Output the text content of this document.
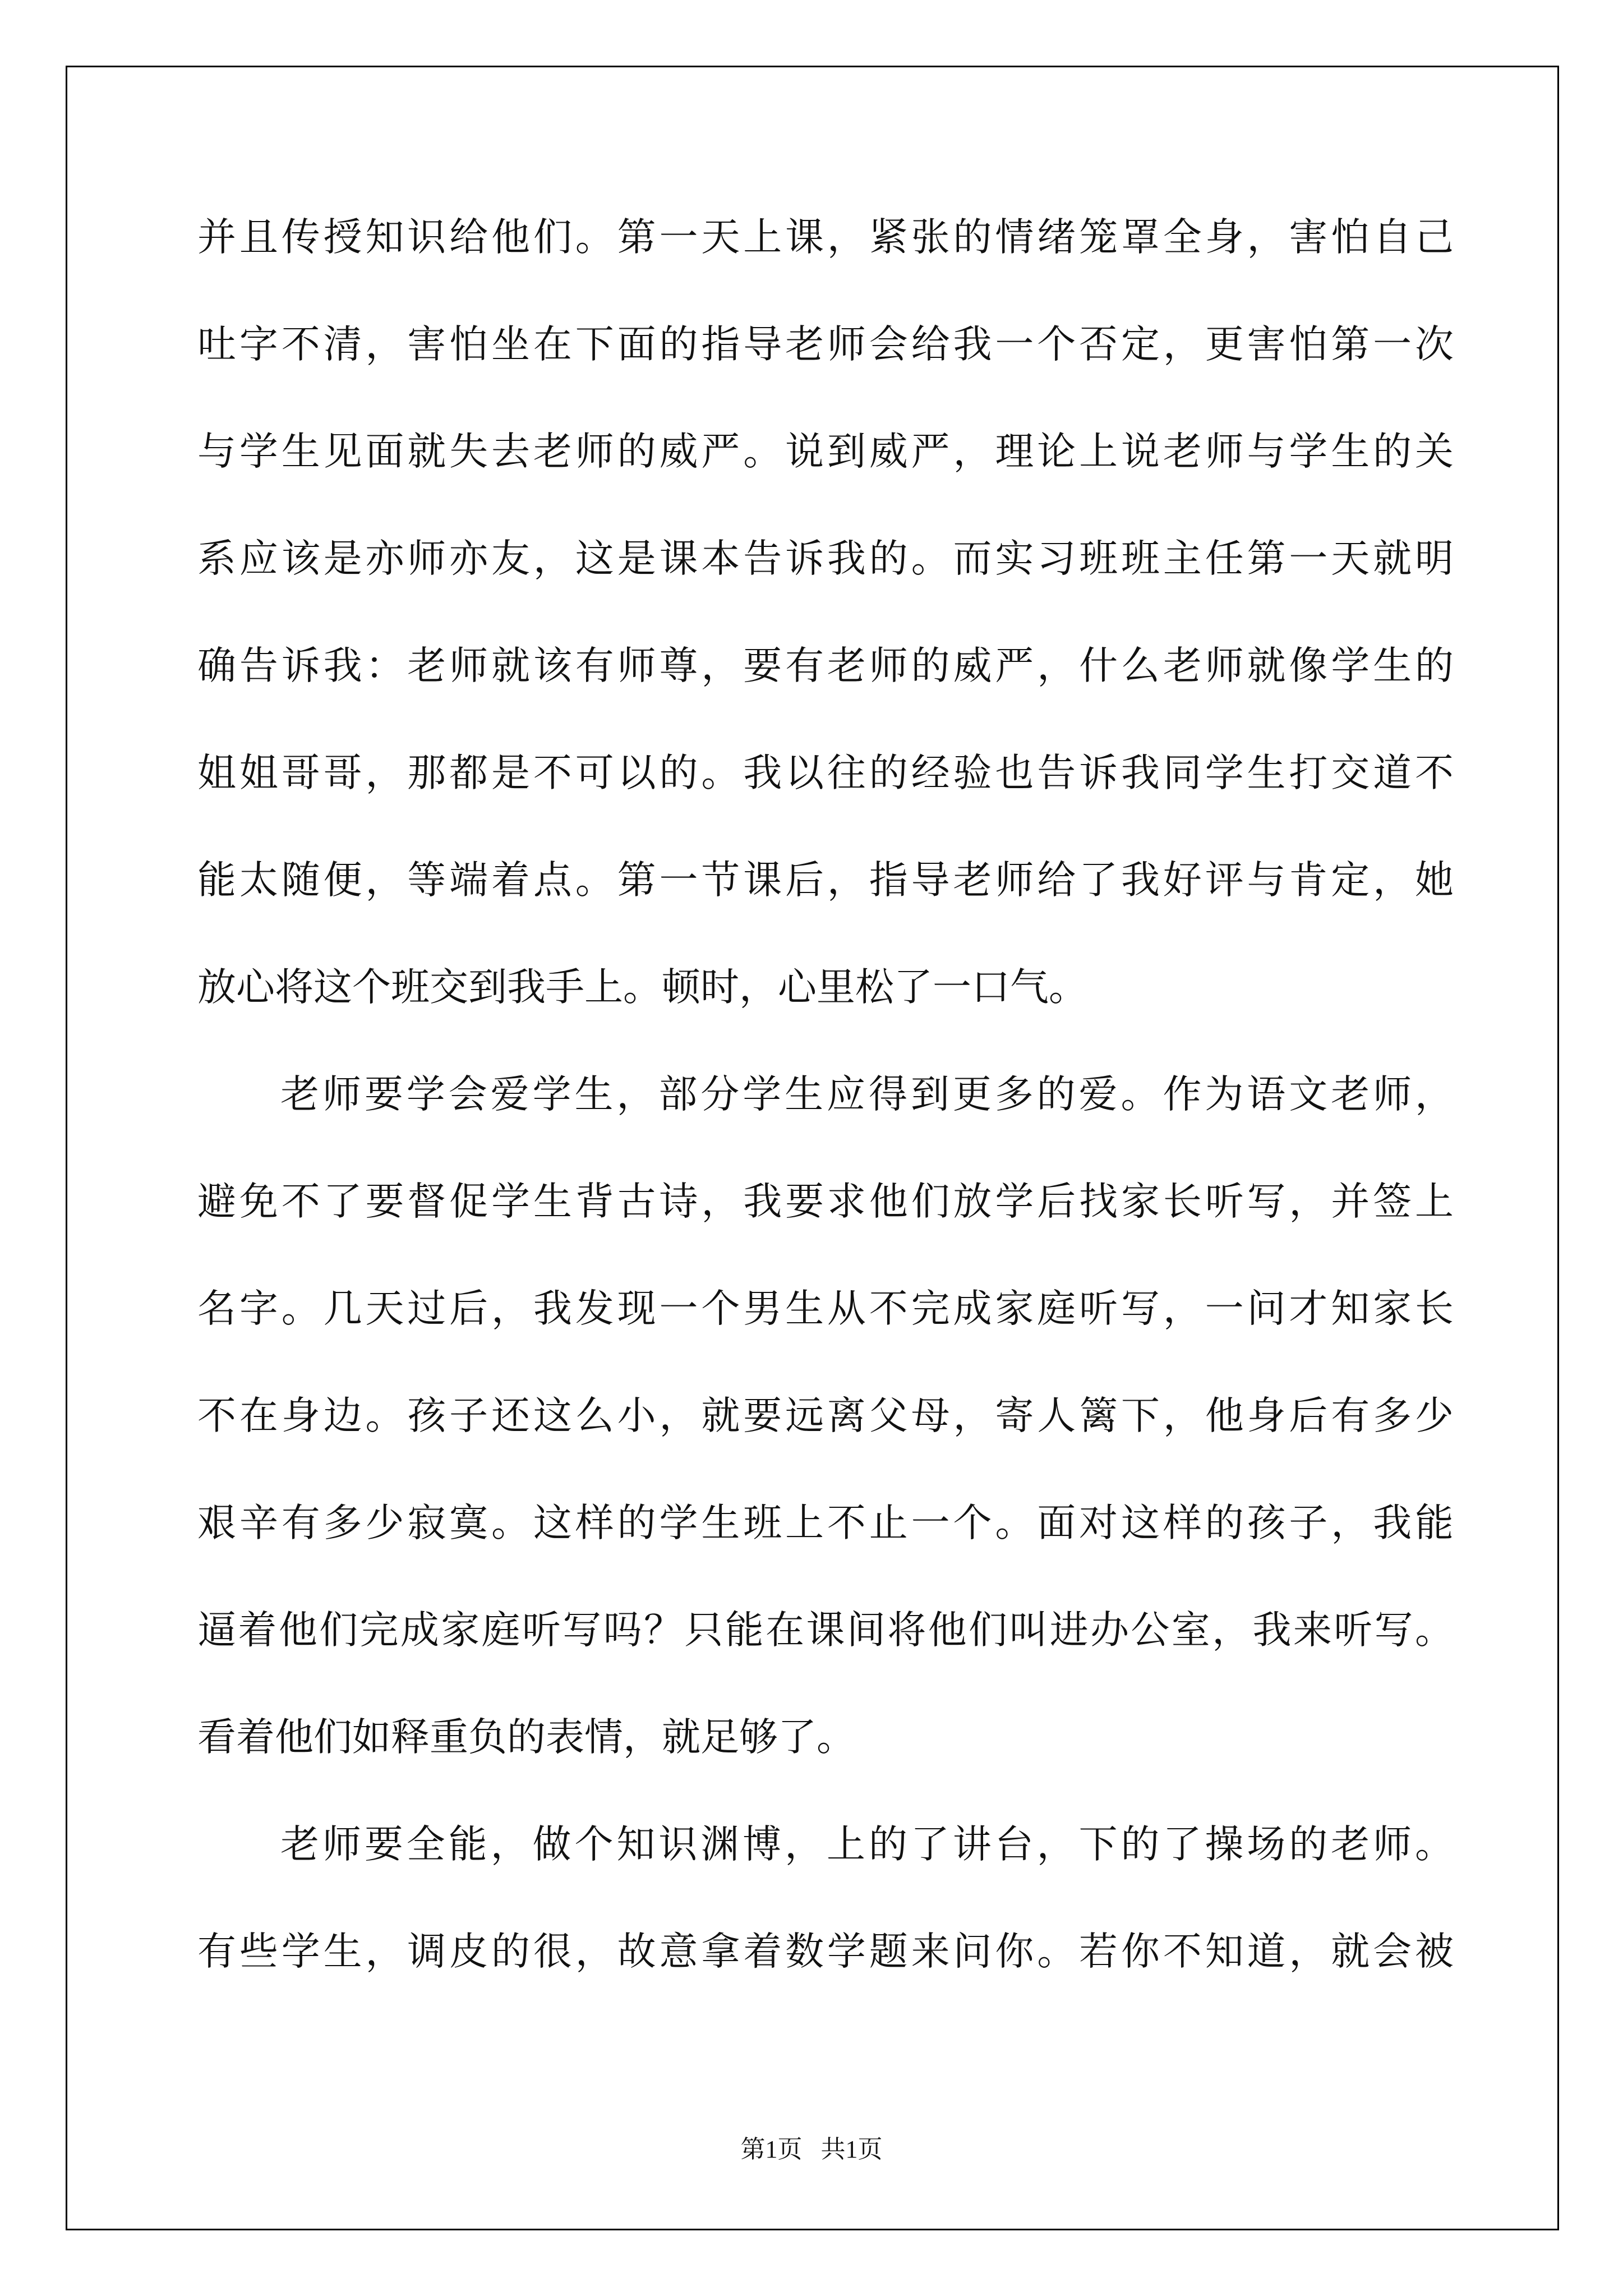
并且传授知识给他们。第一天上课，紧张的情绪笼罩全身，害怕自己
吐字不清，害怕坐在下面的指导老师会给我一个否定，更害怕第一次
与学生见面就失去老师的威严。说到威严，理论上说老师与学生的关
系应该是亦师亦友，这是课本告诉我的。而实习班班主任第一天就明
确告诉我：老师就该有师尊，要有老师的威严，什么老师就像学生的
姐姐哥哥，那都是不可以的。我以往的经验也告诉我同学生打交道不
能太随便，等端着点。第一节课后，指导老师给了我好评与肯定，她
放心将这个班交到我手上。顿时，心里松了一口气。
老师要学会爱学生，部分学生应得到更多的爱。作为语文老师，
避免不了要督促学生背古诗，我要求他们放学后找家长听写，并签上
名字。几天过后，我发现一个男生从不完成家庭听写，一问才知家长
不在身边。孩子还这么小，就要远离父母，寄人篱下，他身后有多少
艰辛有多少寂寞。这样的学生班上不止一个。面对这样的孩子，我能
逼着他们完成家庭听写吗？只能在课间将他们叫进办公室，我来听写。
看着他们如释重负的表情，就足够了。
老师要全能，做个知识渊博，上的了讲台，下的了操场的老师。
有些学生，调皮的很，故意拿着数学题来问你。若你不知道，就会被
第1页   共1页
